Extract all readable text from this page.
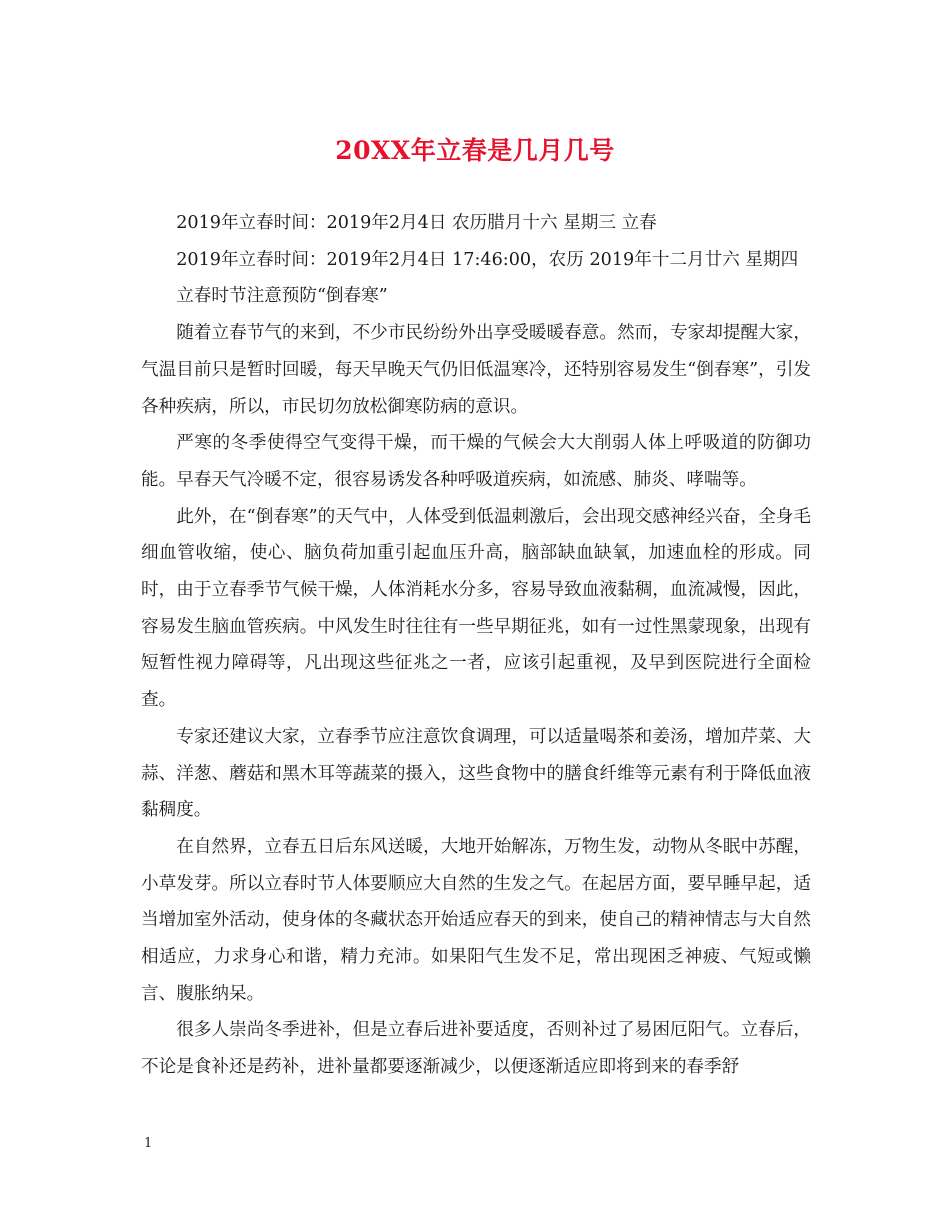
20XX年立春是几月几号

2019年立春时间：2019年2月4日 农历腊月十六 星期三 立春

2019年立春时间：2019年2月4日 17:46:00，农历 2019年十二月廿六 星期四

立春时节注意预防“倒春寒”

随着立春节气的来到，不少市民纷纷外出享受暖暖春意。然而，专家却提醒大家，气温目前只是暂时回暖，每天早晚天气仍旧低温寒冷，还特别容易发生“倒春寒”，引发各种疾病，所以，市民切勿放松御寒防病的意识。

严寒的冬季使得空气变得干燥，而干燥的气候会大大削弱人体上呼吸道的防御功能。早春天气冷暖不定，很容易诱发各种呼吸道疾病，如流感、肺炎、哮喘等。

此外，在“倒春寒”的天气中，人体受到低温刺激后，会出现交感神经兴奋，全身毛细血管收缩，使心、脑负荷加重引起血压升高，脑部缺血缺氧，加速血栓的形成。同时，由于立春季节气候干燥，人体消耗水分多，容易导致血液黏稠，血流减慢，因此，容易发生脑血管疾病。中风发生时往往有一些早期征兆，如有一过性黑蒙现象，出现有短暂性视力障碍等，凡出现这些征兆之一者，应该引起重视，及早到医院进行全面检查。

专家还建议大家，立春季节应注意饮食调理，可以适量喝茶和姜汤，增加芹菜、大蒜、洋葱、蘑菇和黑木耳等蔬菜的摄入，这些食物中的膳食纤维等元素有利于降低血液黏稠度。

在自然界，立春五日后东风送暖，大地开始解冻，万物生发，动物从冬眠中苏醒，小草发芽。所以立春时节人体要顺应大自然的生发之气。在起居方面，要早睡早起，适当增加室外活动，使身体的冬藏状态开始适应春天的到来，使自己的精神情志与大自然相适应，力求身心和谐，精力充沛。如果阳气生发不足，常出现困乏神疲、气短或懒言、腹胀纳呆。

很多人崇尚冬季进补，但是立春后进补要适度，否则补过了易困厄阳气。立春后，不论是食补还是药补，进补量都要逐渐减少，以便逐渐适应即将到来的春季舒

1
